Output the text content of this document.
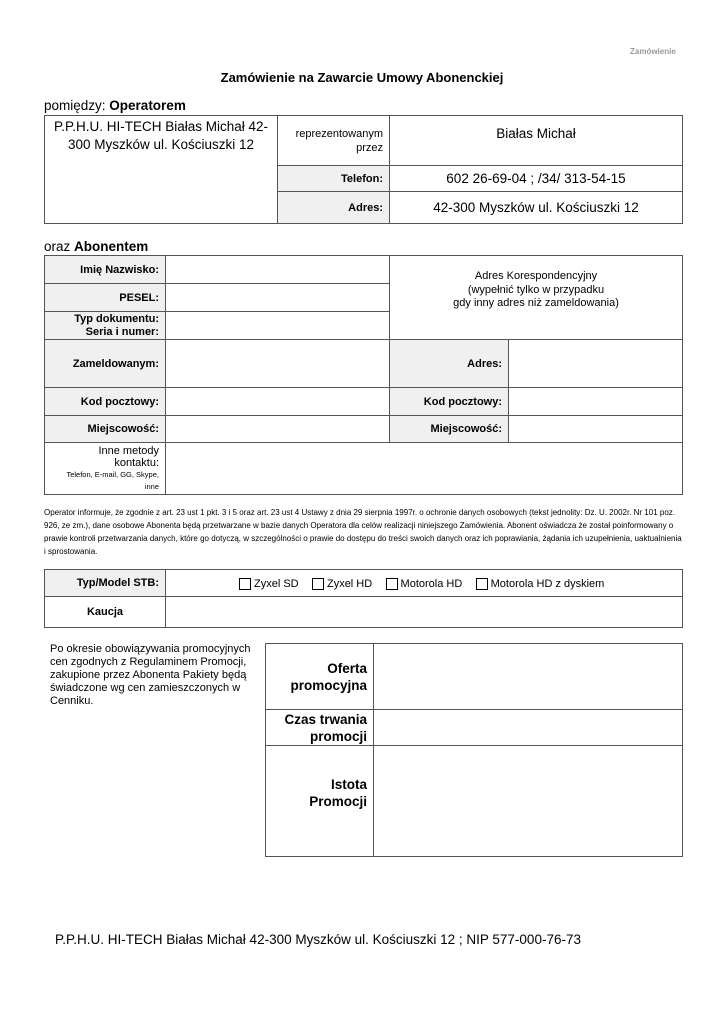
Zamówienie
Zamówienie na Zawarcie Umowy Abonenckiej
pomiędzy: Operatorem
P.P.H.U. HI-TECH Białas Michał 42-300 Myszków ul. Kościuszki 12	reprezentowanym przez	Białas Michał
	Telefon:	602 26-69-04 ; /34/ 313-54-15
	Adres:	42-300 Myszków ul. Kościuszki 12
oraz Abonentem
Imię Nazwisko:		Adres Korespondencyjny
(wypełnić tylko w przypadku
gdy inny adres niż zameldowania)	

PESEL:			

Typ dokumentu:
Seria i numer:			

Zameldowanym:		Adres:	
Kod pocztowy:		Kod pocztowy:	
Miejscowość:		Miejscowość:	

Inne metody
kontaktu:
Telefon, E-mail, GG, Skype, inne			

Operator informuje, że zgodnie z art. 23 ust 1 pkt. 3 i 5 oraz art. 23 ust 4 Ustawy z dnia 29 sierpnia 1997r. o ochronie danych osobowych (tekst jednolity: Dz. U. 2002r. Nr 101 poz. 926, ze zm.), dane osobowe Abonenta będą przetwarzane w bazie danych Operatora dla celów realizacji niniejszego Zamówienia. Abonent oświadcza że został poinformowany o prawie kontroli przetwarzania danych, które go dotyczą, w szczególności o prawie do dostępu do treści swoich danych oraz ich poprawiania, żądania ich uzupełnienia, uaktualnienia i sprostowania.
Typ/Model STB:	Zyxel SD Zyxel HD Motorola HD Motorola HD z dyskiem
Kaucja	
Po okresie obowiązywania promocyjnych cen zgodnych z Regulaminem Promocji, zakupione przez Abonenta Pakiety będą świadczone wg cen zamieszczonych w Cenniku.
Oferta
promocyjna	

Czas trwania
promocji	

Istota
Promocji	

P.P.H.U. HI-TECH Białas Michał 42-300 Myszków ul. Kościuszki 12 ; NIP 577-000-76-73
